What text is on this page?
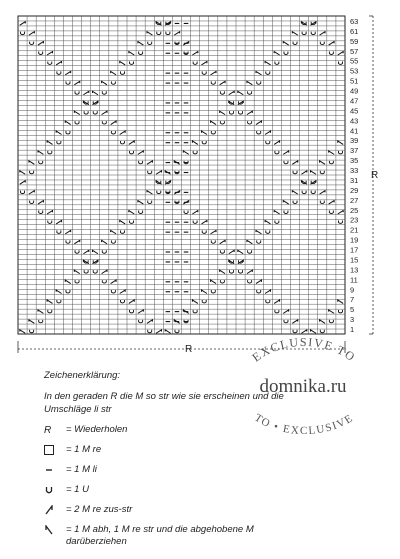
63
61
59
57
55
53
51
49
47
45
43
41
39
37
35
33
31
29
27
25
23
21
19
17
15
13
11
9
7
5
3
1
R
R
Zeichenerklärung:
In den geraden R die M so str wie sie erscheinen und die Umschläge li str
R = Wiederholen
= 1 M re
= 1 M li
= 1 U
= 2 M re zus-str
= 1 M abh, 1 M re str und die abgehobene M darüberziehen
EXCLUSIVE TO
TO • EXCLUSIVE
domnika.ru
